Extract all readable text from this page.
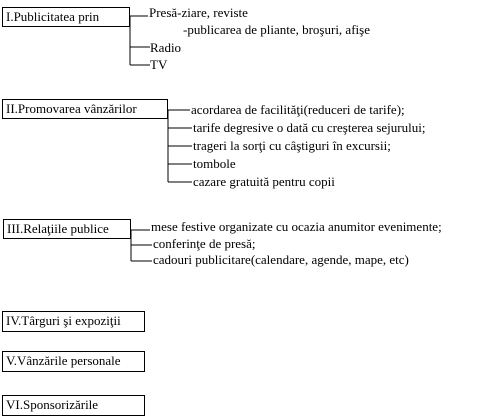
I.Publicitatea prin	Presă-ziare, reviste
-publicarea de pliante, broşuri, afişe
Radio
TV
II.Promovarea vânzărilor	acordarea de facilităţi(reduceri de tarife);
tarife degresive o dată cu creşterea sejurului;
trageri la sorţi cu câştiguri în excursii;
tombole
cazare gratuită pentru copii
III.Relaţiile publice	mese festive organizate cu ocazia anumitor evenimente;
conferinţe de presă;
cadouri publicitare(calendare, agende, mape, etc)
IV.Târguri şi expoziţii
V.Vânzările personale
VI.Sponsorizările
